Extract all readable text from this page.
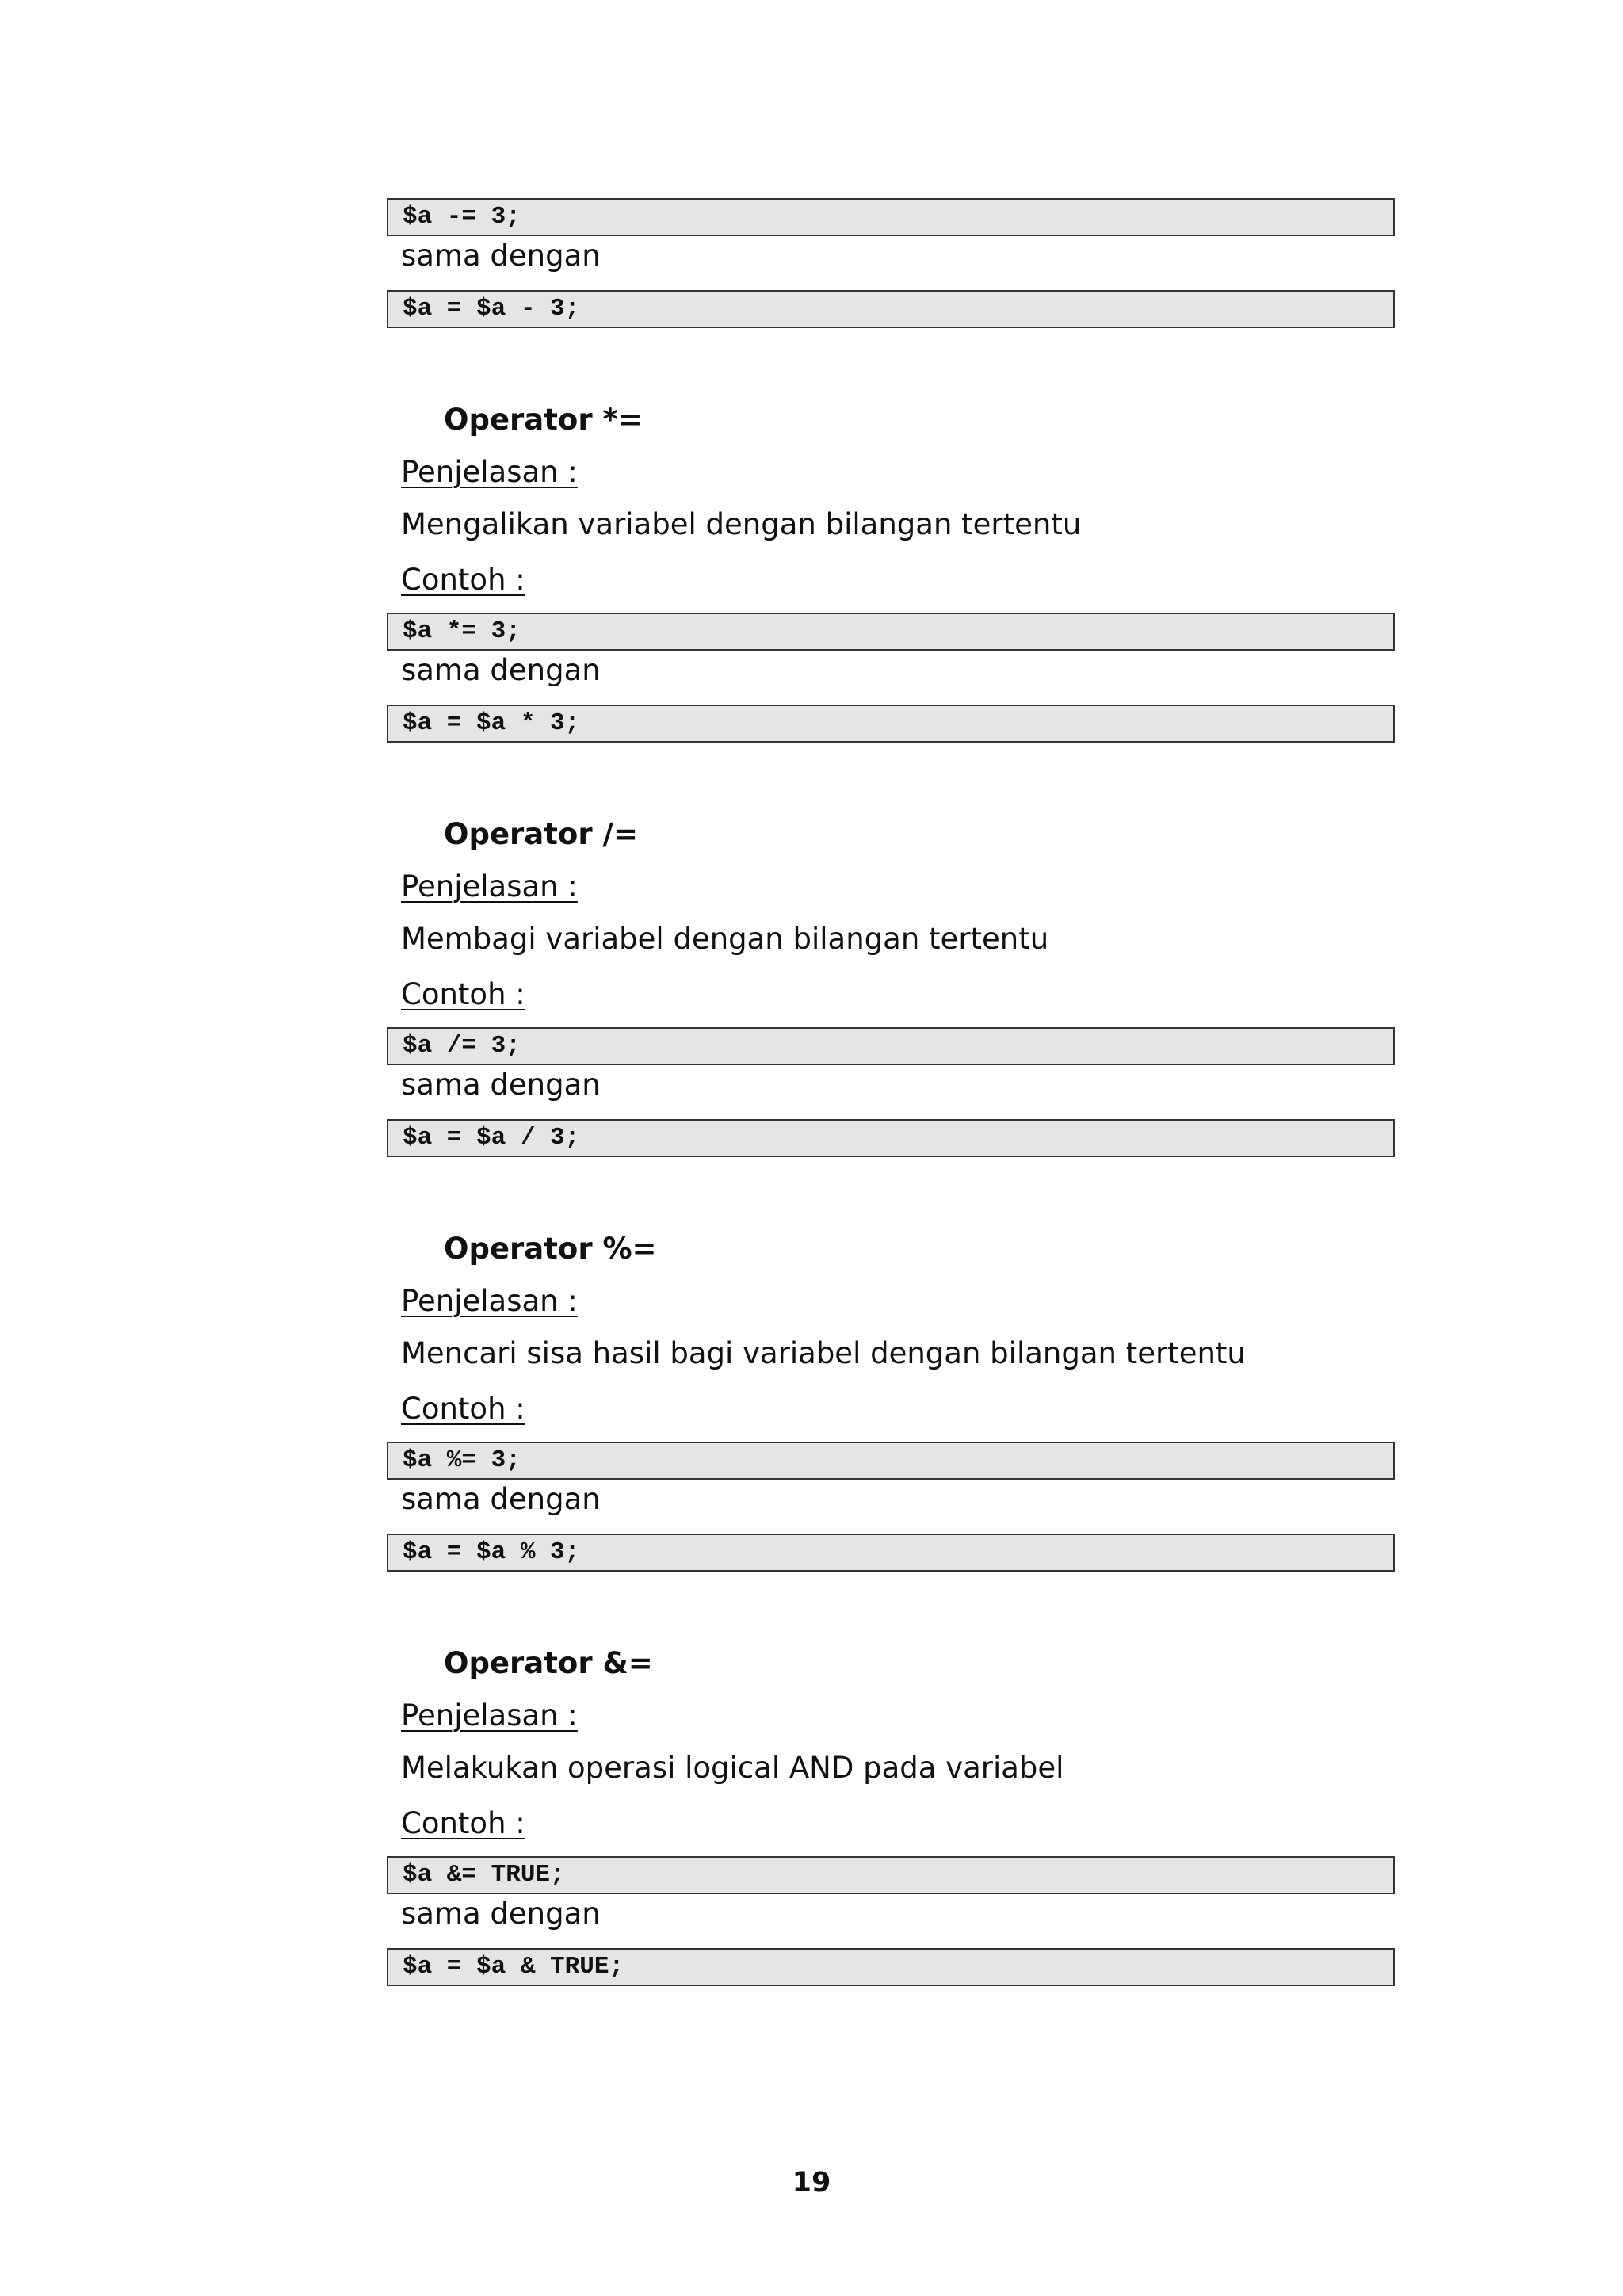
$a -= 3;
sama dengan
$a = $a - 3;
Operator *=
Penjelasan :
Mengalikan variabel dengan bilangan tertentu
Contoh :
$a *= 3;
sama dengan
$a = $a * 3;
Operator /=
Penjelasan :
Membagi variabel dengan bilangan tertentu
Contoh :
$a /= 3;
sama dengan
$a = $a / 3;
Operator %=
Penjelasan :
Mencari sisa hasil bagi variabel dengan bilangan tertentu
Contoh :
$a %= 3;
sama dengan
$a = $a % 3;
Operator &=
Penjelasan :
Melakukan operasi logical AND pada variabel
Contoh :
$a &= TRUE;
sama dengan
$a = $a & TRUE;
19
